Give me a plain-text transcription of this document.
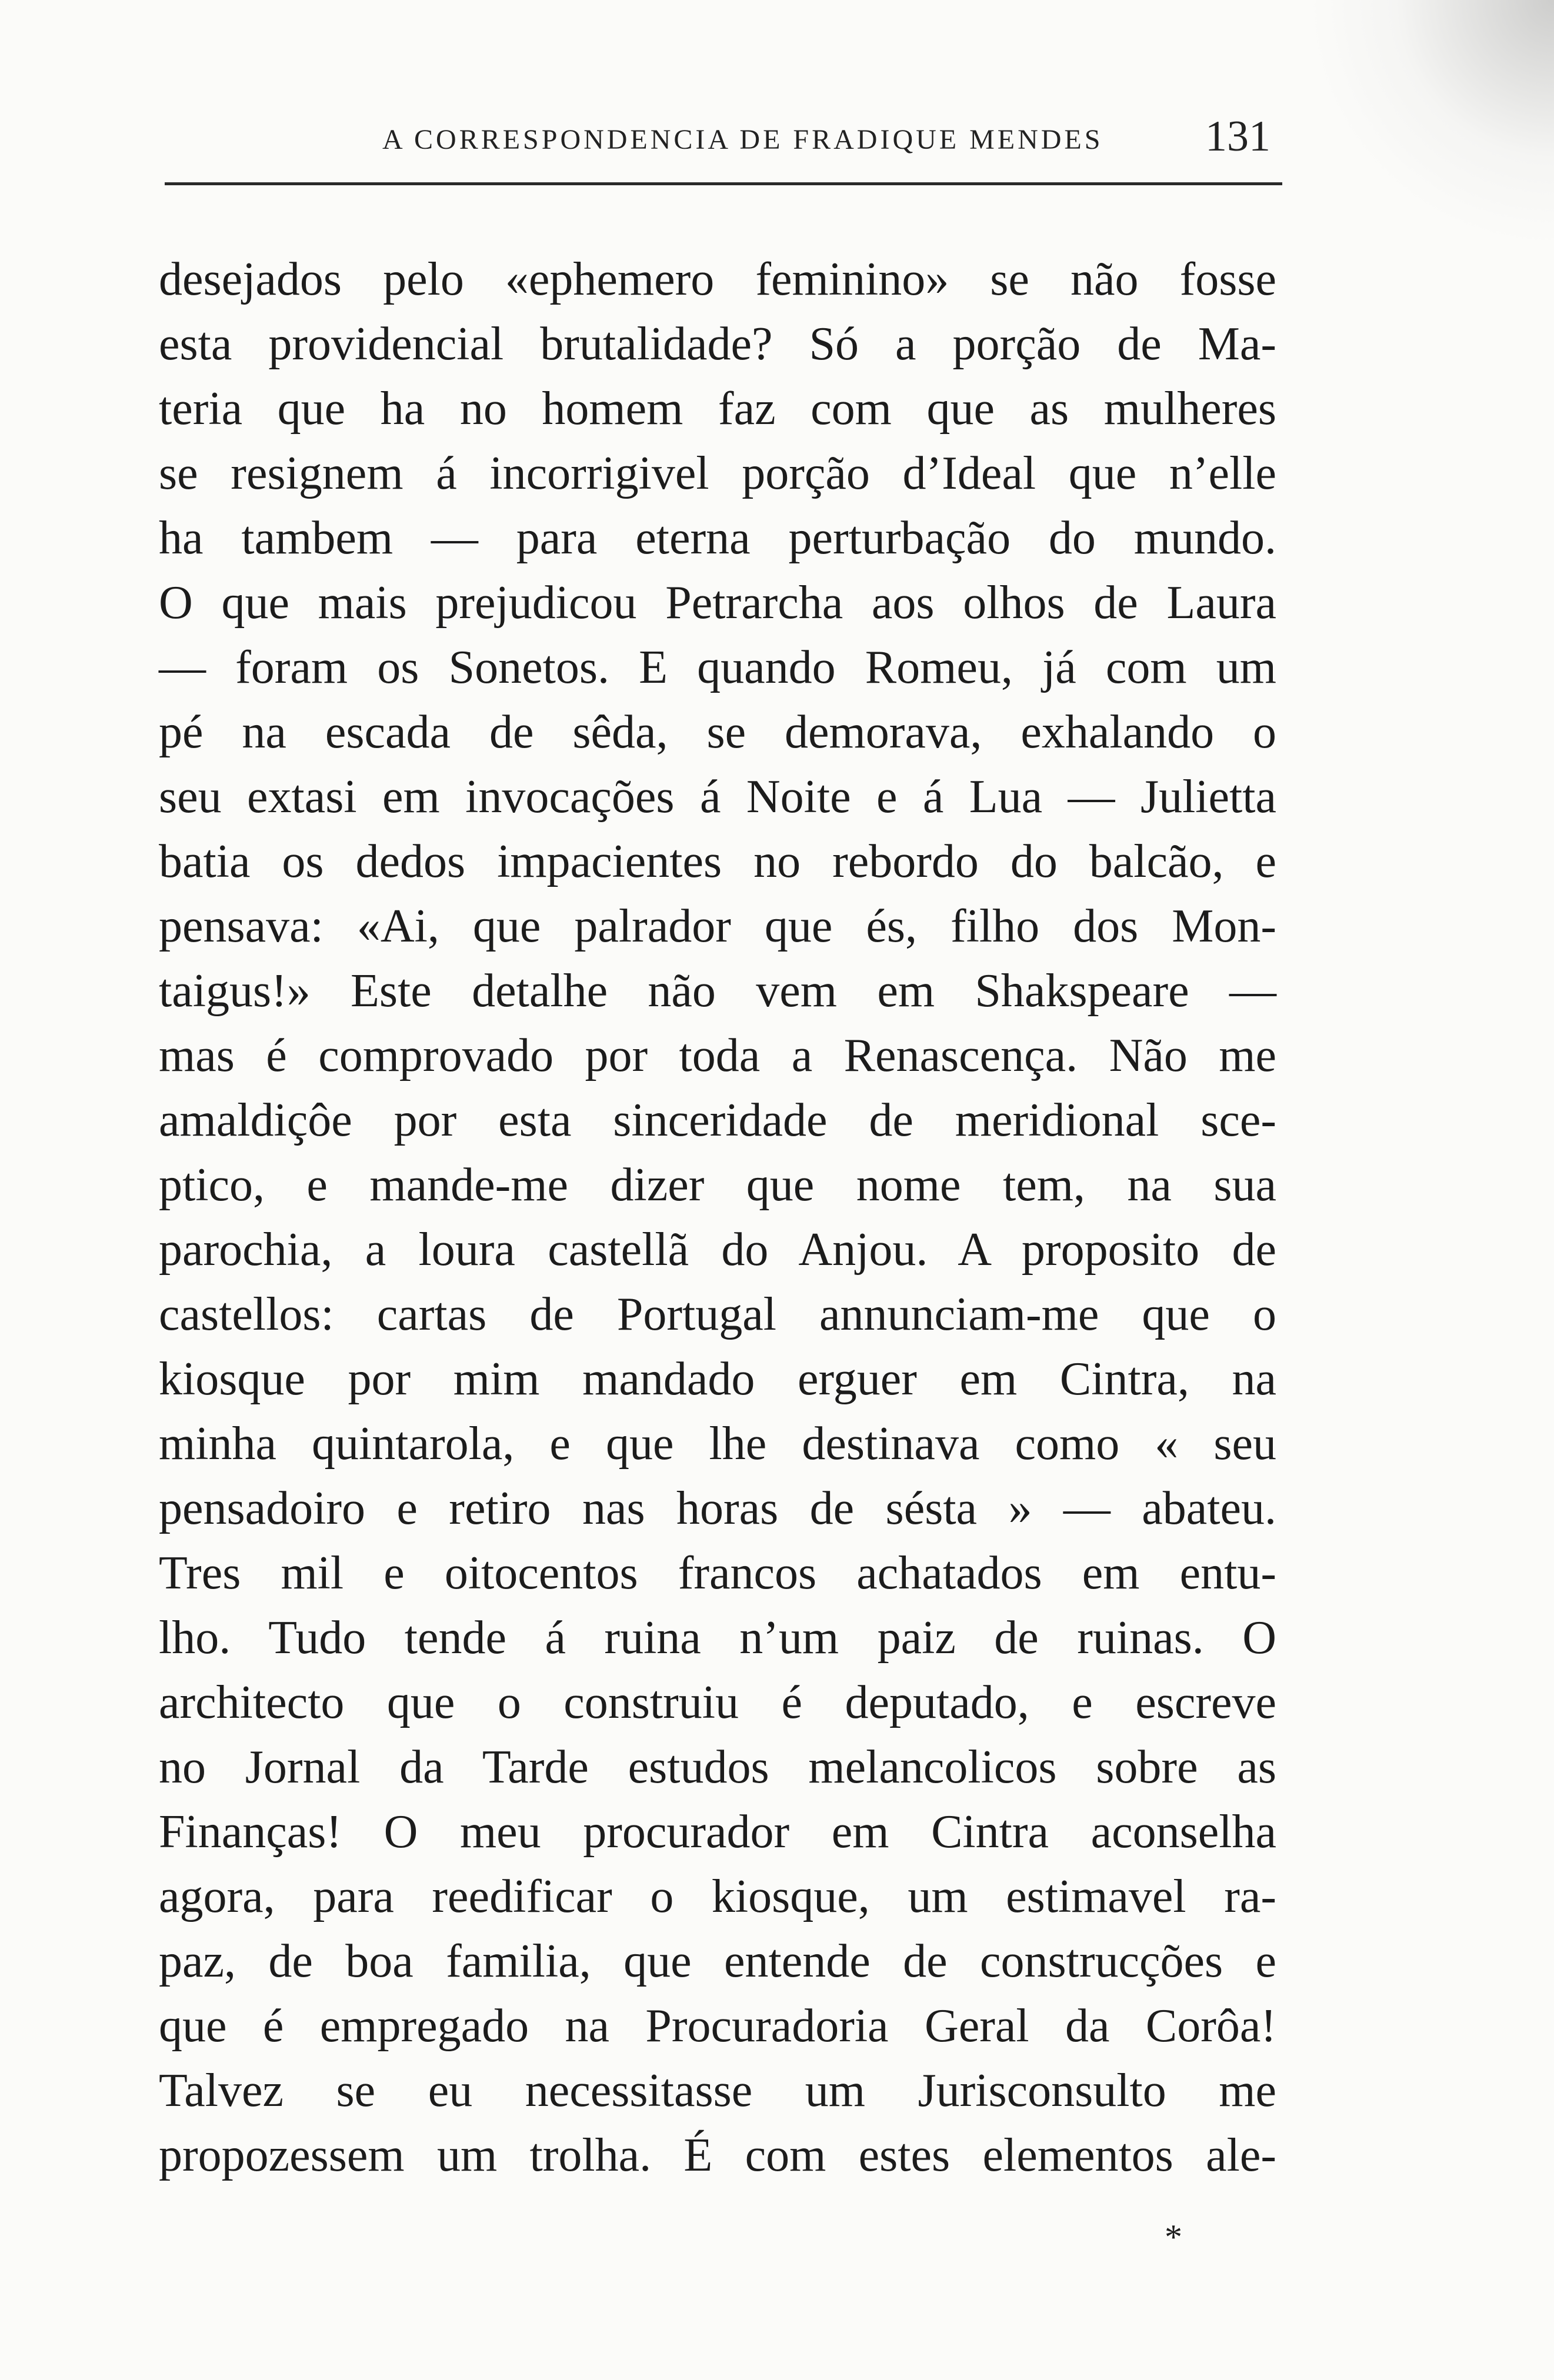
A CORRESPONDENCIA DE FRADIQUE MENDES 131
desejados pelo «ephemero feminino» se não fosse
esta providencial brutalidade? Só a porção de Ma-
teria que ha no homem faz com que as mulheres
se resignem á incorrigivel porção d’Ideal que n’elle
ha tambem — para eterna perturbação do mundo.
O que mais prejudicou Petrarcha aos olhos de Laura
— foram os Sonetos. E quando Romeu, já com um
pé na escada de sêda, se demorava, exhalando o
seu extasi em invocações á Noite e á Lua — Julietta
batia os dedos impacientes no rebordo do balcão, e
pensava: «Ai, que palrador que és, filho dos Mon-
taigus!» Este detalhe não vem em Shakspeare —
mas é comprovado por toda a Renascença. Não me
amaldiçôe por esta sinceridade de meridional sce-
ptico, e mande-me dizer que nome tem, na sua
parochia, a loura castellã do Anjou. A proposito de
castellos: cartas de Portugal annunciam-me que o
kiosque por mim mandado erguer em Cintra, na
minha quintarola, e que lhe destinava como « seu
pensadoiro e retiro nas horas de sésta » — abateu.
Tres mil e oitocentos francos achatados em entu-
lho. Tudo tende á ruina n’um paiz de ruinas. O
architecto que o construiu é deputado, e escreve
no Jornal da Tarde estudos melancolicos sobre as
Finanças! O meu procurador em Cintra aconselha
agora, para reedificar o kiosque, um estimavel ra-
paz, de boa familia, que entende de construcções e
que é empregado na Procuradoria Geral da Corôa!
Talvez se eu necessitasse um Jurisconsulto me
propozessem um trolha. É com estes elementos ale-
*
